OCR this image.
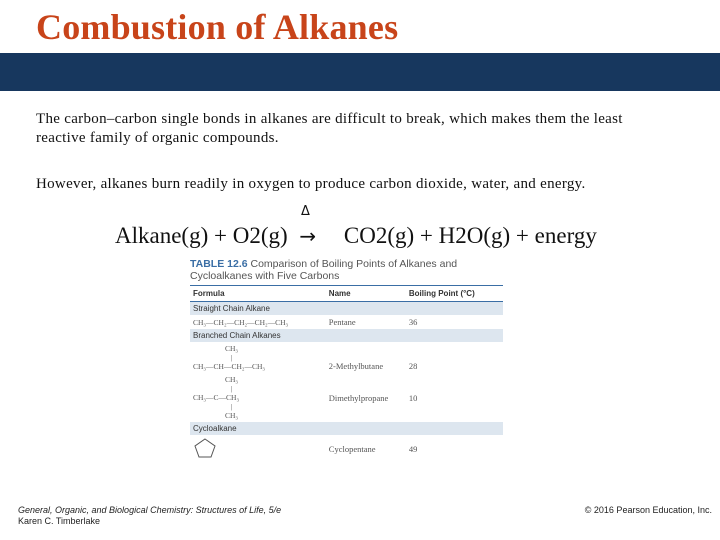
Combustion of Alkanes
The carbon–carbon single bonds in alkanes are difficult to break, which makes them the least reactive family of organic compounds.
However, alkanes burn readily in oxygen to produce carbon dioxide, water, and energy.
Δ
Alkane(g) + O2(g) → CO2(g) + H2O(g) + energy
TABLE 12.6 Comparison of Boiling Points of Alkanes and Cycloalkanes with Five Carbons
Formula	Name	Boiling Point (°C)
Straight Chain Alkane		
CH₃—CH₂—CH₂—CH₂—CH₃	Pentane	36
Branched Chain Alkanes		

CH₃
|
CH₃—CH—CH₂—CH₃	2-Methylbutane	28

CH₃
|
CH₃—C—CH₃
|
CH₃	Dimethylpropane	10
Cycloalkane		
	Cyclopentane	49
General, Organic, and Biological Chemistry: Structures of Life, 5/e
Karen C. Timberlake
© 2016 Pearson Education, Inc.
